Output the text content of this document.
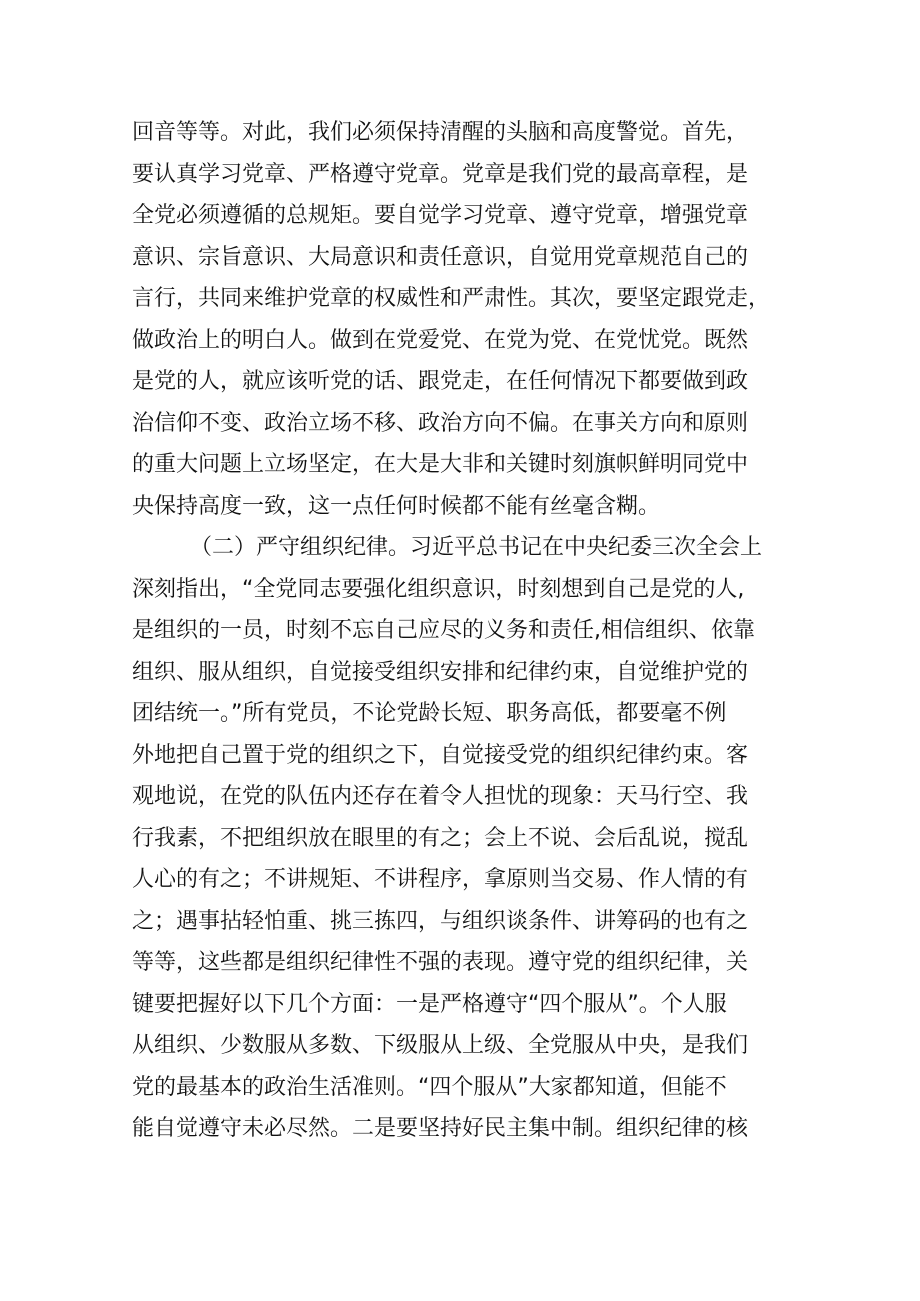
回音等等。对此，我们必须保持清醒的头脑和高度警觉。首先，
要认真学习党章、严格遵守党章。党章是我们党的最高章程，是
全党必须遵循的总规矩。要自觉学习党章、遵守党章，增强党章
意识、宗旨意识、大局意识和责任意识，自觉用党章规范自己的
言行，共同来维护党章的权威性和严肃性。其次，要坚定跟党走，
做政治上的明白人。做到在党爱党、在党为党、在党忧党。既然
是党的人，就应该听党的话、跟党走，在任何情况下都要做到政
治信仰不变、政治立场不移、政治方向不偏。在事关方向和原则
的重大问题上立场坚定，在大是大非和关键时刻旗帜鲜明同党中
央保持高度一致，这一点任何时候都不能有丝毫含糊。
（二）严守组织纪律。习近平总书记在中央纪委三次全会上
深刻指出，“全党同志要强化组织意识，时刻想到自己是党的人,
是组织的一员，时刻不忘自己应尽的义务和责任,相信组织、依靠
组织、服从组织，自觉接受组织安排和纪律约束，自觉维护党的
团结统一。”所有党员，不论党龄长短、职务高低，都要毫不例
外地把自己置于党的组织之下，自觉接受党的组织纪律约束。客
观地说，在党的队伍内还存在着令人担忧的现象：天马行空、我
行我素，不把组织放在眼里的有之；会上不说、会后乱说，搅乱
人心的有之；不讲规矩、不讲程序，拿原则当交易、作人情的有
之；遇事拈轻怕重、挑三拣四，与组织谈条件、讲筹码的也有之
等等，这些都是组织纪律性不强的表现。遵守党的组织纪律，关
键要把握好以下几个方面：一是严格遵守“四个服从”。个人服
从组织、少数服从多数、下级服从上级、全党服从中央，是我们
党的最基本的政治生活准则。“四个服从”大家都知道，但能不
能自觉遵守未必尽然。二是要坚持好民主集中制。组织纪律的核
